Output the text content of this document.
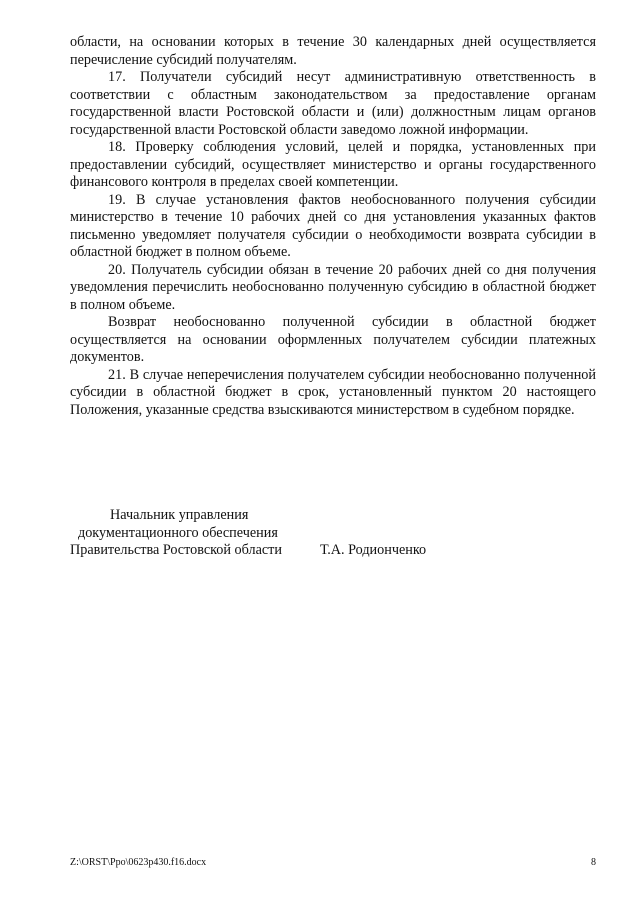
области, на основании которых в течение 30 календарных дней осуществляется перечисление субсидий получателям.

17. Получатели субсидий несут административную ответственность в соответствии с областным законодательством за предоставление органам государственной власти Ростовской области и (или) должностным лицам органов государственной власти Ростовской области заведомо ложной информации.

18. Проверку соблюдения условий, целей и порядка, установленных при предоставлении субсидий, осуществляет министерство и органы государственного финансового контроля в пределах своей компетенции.

19. В случае установления фактов необоснованного получения субсидии министерство в течение 10 рабочих дней со дня установления указанных фактов письменно уведомляет получателя субсидии о необходимости возврата субсидии в областной бюджет в полном объеме.

20. Получатель субсидии обязан в течение 20 рабочих дней со дня получения уведомления перечислить необоснованно полученную субсидию в областной бюджет в полном объеме.

Возврат необоснованно полученной субсидии в областной бюджет осуществляется на основании оформленных получателем субсидии платежных документов.

21. В случае неперечисления получателем субсидии необоснованно полученной субсидии в областной бюджет в срок, установленный пунктом 20 настоящего Положения, указанные средства взыскиваются министерством в судебном порядке.

Начальник управления
документационного обеспечения
Правительства Ростовской области	Т.А. Родионченко
Z:\ORST\Ppo\0623p430.f16.docx	8
